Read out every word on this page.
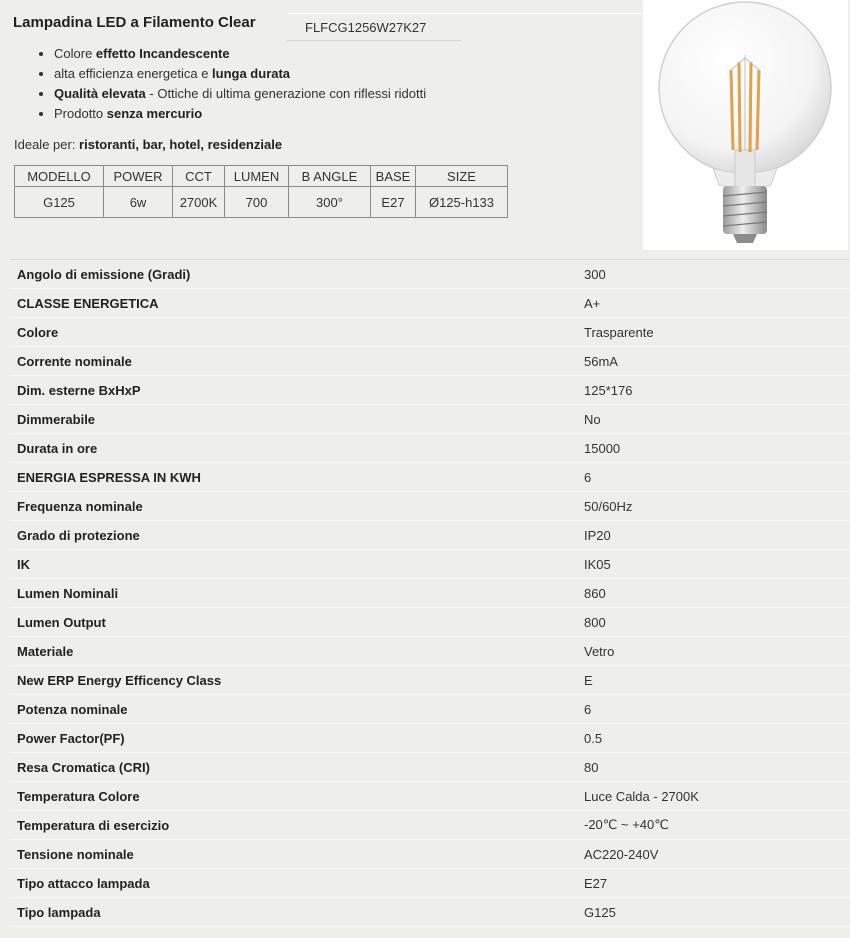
Lampadina LED a Filamento Clear	FLFCG1256W27K27
• Colore effetto Incandescente
• alta efficienza energetica e lunga durata
• Qualità elevata - Ottiche di ultima generazione con riflessi ridotti
• Prodotto senza mercurio
Ideale per: ristoranti, bar, hotel, residenziale
MODELLO	POWER	CCT	LUMEN	B ANGLE	BASE	SIZE
G125	6w	2700K	700	300°	E27	Ø125-h133
Angolo di emissione (Gradi)	300
CLASSE ENERGETICA	A+
Colore	Trasparente
Corrente nominale	56mA
Dim. esterne BxHxP	125*176
Dimmerabile	No
Durata in ore	15000
ENERGIA ESPRESSA IN KWH	6
Frequenza nominale	50/60Hz
Grado di protezione	IP20
IK	IK05
Lumen Nominali	860
Lumen Output	800
Materiale	Vetro
New ERP Energy Efficency Class	E
Potenza nominale	6
Power Factor(PF)	0.5
Resa Cromatica (CRI)	80
Temperatura Colore	Luce Calda - 2700K
Temperatura di esercizio	-20℃ ~ +40℃
Tensione nominale	AC220-240V
Tipo attacco lampada	E27
Tipo lampada	G125
